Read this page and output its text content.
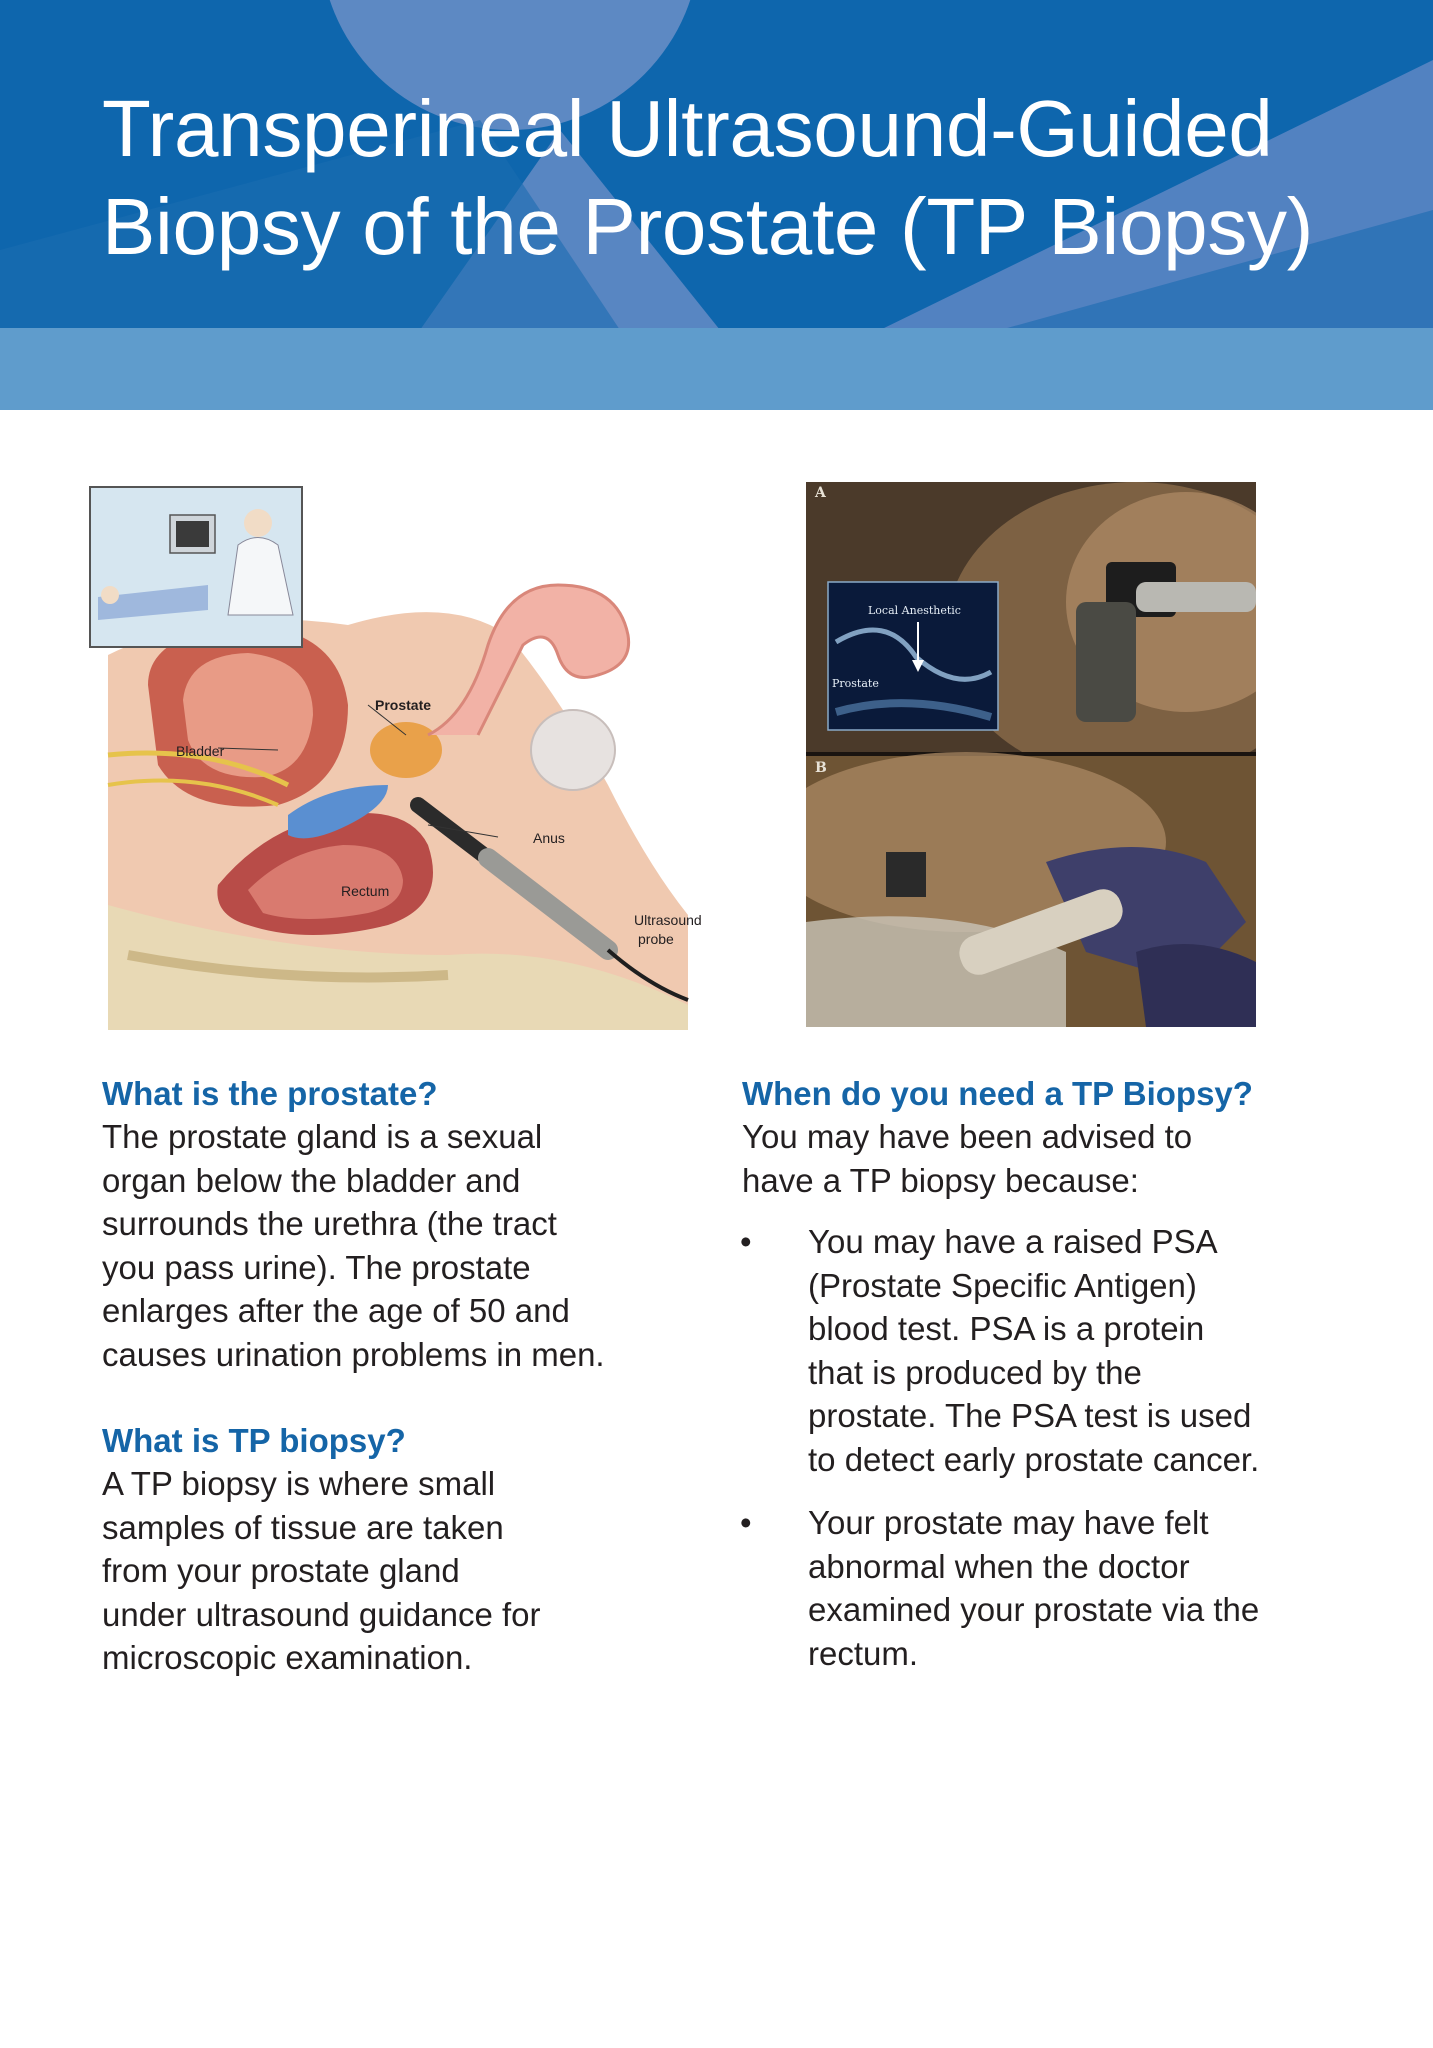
Transperineal Ultrasound-Guided
Biopsy of the Prostate (TP Biopsy)
Prostate
Bladder
Anus
Rectum
Ultrasound
probe
A
B
Local Anesthetic
Prostate
What is the prostate?

The prostate gland is a sexual
organ below the bladder and
surrounds the urethra (the tract
you pass urine). The prostate
enlarges after the age of 50 and
causes urination problems in men.

What is TP biopsy?

A TP biopsy is where small
samples of tissue are taken
from your prostate gland
under ultrasound guidance for
microscopic examination.

When do you need a TP Biopsy?

You may have been advised to
have a TP biopsy because:

• You may have a raised PSA
(Prostate Specific Antigen)
blood test. PSA is a protein
that is produced by the
prostate. The PSA test is used
to detect early prostate cancer.

• Your prostate may have felt
abnormal when the doctor
examined your prostate via the
rectum.
